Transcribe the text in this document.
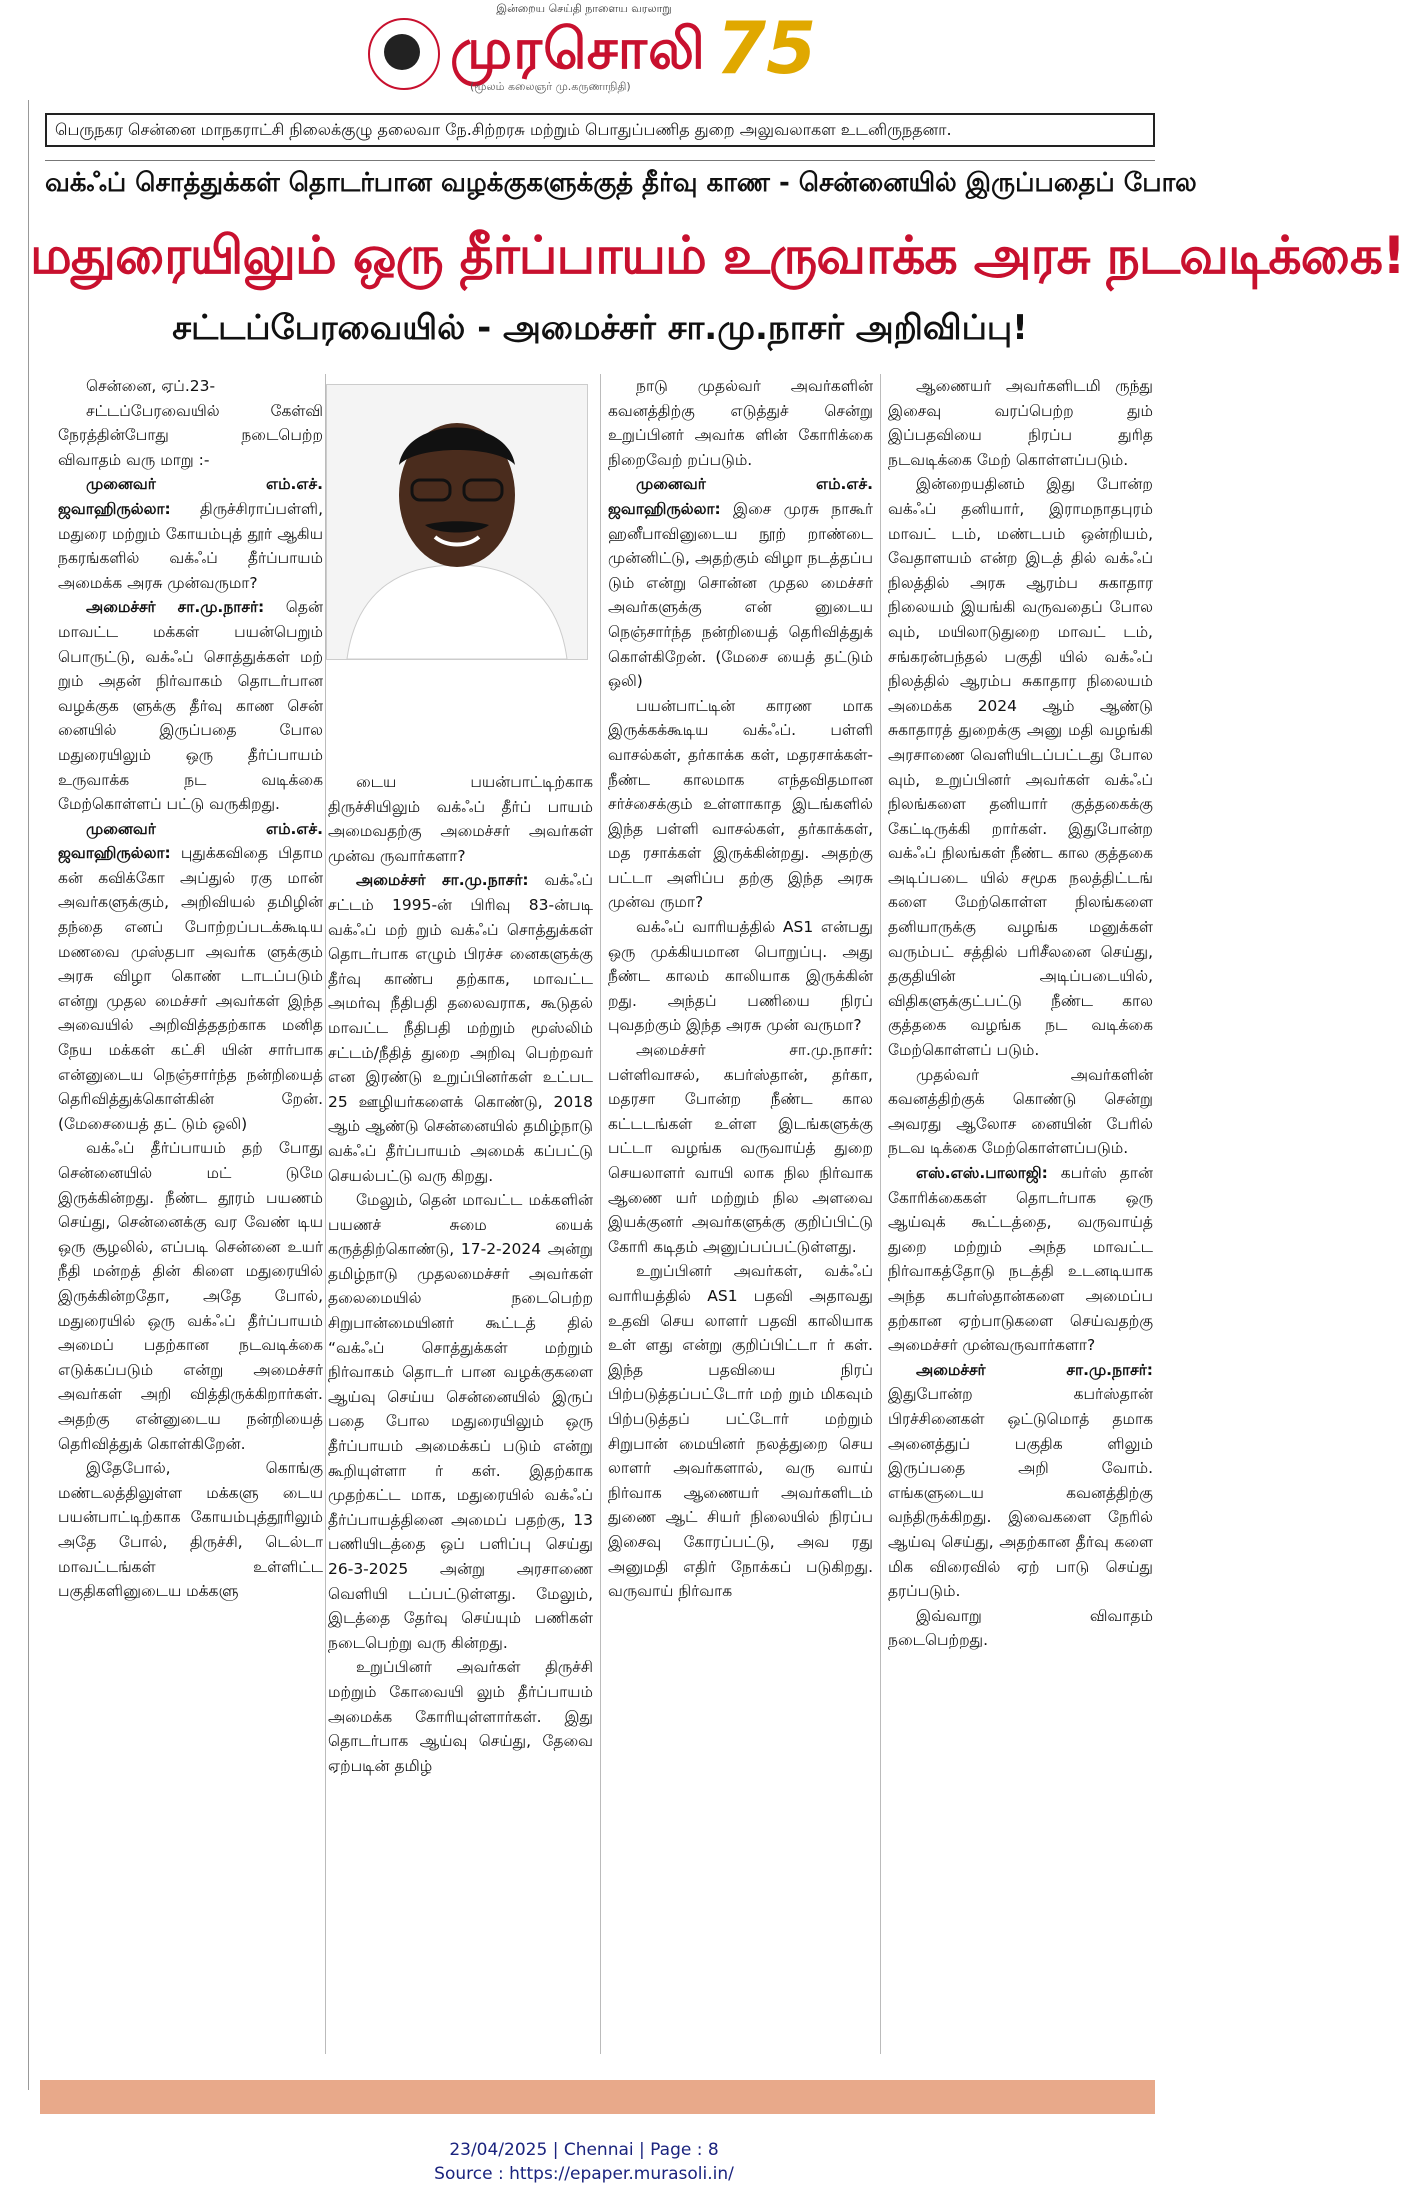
இன்றைய செய்தி நாளைய வரலாறு
முரசொலி 75
(மூலம் கலைஞர் மு.கருணாநிதி)
பெருநகர சென்னை மாநகராட்சி நிலைக்குழு தலைவா நே.சிற்றரசு மற்றும் பொதுப்பணித துறை அலுவலாகள உடனிருநதனா.
வக்ஃப் சொத்துக்கள் தொடர்பான வழக்குகளுக்குத் தீர்வு காண - சென்னையில் இருப்பதைப் போல
மதுரையிலும் ஒரு தீர்ப்பாயம் உருவாக்க அரசு நடவடிக்கை!
சட்டப்பேரவையில் - அமைச்சர் சா.மு.நாசர் அறிவிப்பு!

சென்னை, ஏப்.23-

சட்டப்பேரவையில் கேள்வி நேரத்தின்போது நடைபெற்ற விவாதம் வரு மாறு :-

முனைவர் எம்.எச். ஜவாஹிருல்லா: திருச்சிராப்பள்ளி, மதுரை மற்றும் கோயம்புத் தூர் ஆகிய நகரங்களில் வக்ஃப் தீர்ப்பாயம் அமைக்க அரசு முன்வருமா?

அமைச்சர் சா.மு.நாசர்: தென் மாவட்ட மக்கள் பயன்பெறும் பொருட்டு, வக்ஃப் சொத்துக்கள் மற் றும் அதன் நிர்வாகம் தொடர்பான வழக்குக ளுக்கு தீர்வு காண சென் னையில் இருப்பதை போல மதுரையிலும் ஒரு தீர்ப்பாயம் உருவாக்க நட வடிக்கை மேற்கொள்ளப் பட்டு வருகிறது.

முனைவர் எம்.எச். ஜவாஹிருல்லா: புதுக்கவிதை பிதாம கன் கவிக்கோ அப்துல் ரகு மான் அவர்களுக்கும், அறிவியல் தமிழின் தந்தை எனப் போற்றப்படக்கூடிய மணவை முஸ்தபா அவர்க ளுக்கும் அரசு விழா கொண் டாடப்படும் என்று முதல மைச்சர் அவர்கள் இந்த அவையில் அறிவித்ததற்காக மனித நேய மக்கள் கட்சி யின் சார்பாக என்னுடைய நெஞ்சார்ந்த நன்றியைத் தெரிவித்துக்கொள்கின் றேன். (மேசையைத் தட் டும் ஒலி)

வக்ஃப் தீர்ப்பாயம் தற் போது சென்னையில் மட் டுமே இருக்கின்றது. நீண்ட தூரம் பயணம் செய்து, சென்னைக்கு வர வேண் டிய ஒரு சூழலில், எப்படி சென்னை உயர் நீதி மன்றத் தின் கிளை மதுரையில் இருக்கின்றதோ, அதே போல், மதுரையில் ஒரு வக்ஃப் தீர்ப்பாயம் அமைப் பதற்கான நடவடிக்கை எடுக்கப்படும் என்று அமைச்சர் அவர்கள் அறி வித்திருக்கிறார்கள். அதற்கு என்னுடைய நன்றியைத் தெரிவித்துக் கொள்கிறேன்.

இதேபோல், கொங்கு மண்டலத்திலுள்ள மக்களு டைய பயன்பாட்டிற்காக கோயம்புத்தூரிலும் அதே போல், திருச்சி, டெல்டா மாவட்டங்கள் உள்ளிட்ட பகுதிகளினுடைய மக்களு

டைய பயன்பாட்டிற்காக திருச்சியிலும் வக்ஃப் தீர்ப் பாயம் அமைவதற்கு அமைச்சர் அவர்கள் முன்வ ருவார்களா?

அமைச்சர் சா.மு.நாசர்: வக்ஃப் சட்டம் 1995-ன் பிரிவு 83-ன்படி வக்ஃப் மற் றும் வக்ஃப் சொத்துக்கள் தொடர்பாக எழும் பிரச்ச னைகளுக்கு தீர்வு காண்ப தற்காக, மாவட்ட அமர்வு நீதிபதி தலைவராக, கூடுதல் மாவட்ட நீதிபதி மற்றும் மூஸ்லிம் சட்டம்/நீதித் துறை அறிவு பெற்றவர் என இரண்டு உறுப்பினர்கள் உட்பட 25 ஊழியர்களைக் கொண்டு, 2018 ஆம் ஆண்டு சென்னையில் தமிழ்நாடு வக்ஃப் தீர்ப்பாயம் அமைக் கப்பட்டு செயல்பட்டு வரு கிறது.

மேலும், தென் மாவட்ட மக்களின் பயணச் சுமை யைக் கருத்திற்கொண்டு, 17-2-2024 அன்று தமிழ்நாடு முதலமைச்சர் அவர்கள் தலைமையில் நடைபெற்ற சிறுபான்மையினர் கூட்டத் தில் “வக்ஃப் சொத்துக்கள் மற்றும் நிர்வாகம் தொடர் பான வழக்குகளை ஆய்வு செய்ய சென்னையில் இருப் பதை போல மதுரையிலும் ஒரு தீர்ப்பாயம் அமைக்கப் படும் என்று கூறியுள்ளா ர் கள். இதற்காக முதற்கட்ட மாக, மதுரையில் வக்ஃப் தீர்ப்பாயத்தினை அமைப் பதற்கு, 13 பணியிடத்தை ஒப் பளிப்பு செய்து 26-3-2025 அன்று அரசாணை வெளியி டப்பட்டுள்ளது. மேலும், இடத்தை தேர்வு செய்யும் பணிகள் நடைபெற்று வரு கின்றது.

உறுப்பினர் அவர்கள் திருச்சி மற்றும் கோவையி லும் தீர்ப்பாயம் அமைக்க கோரியுள்ளார்கள். இது தொடர்பாக ஆய்வு செய்து, தேவை ஏற்படின் தமிழ்

நாடு முதல்வர் அவர்களின் கவனத்திற்கு எடுத்துச் சென்று உறுப்பினர் அவர்க ளின் கோரிக்கை நிறைவேற் றப்படும்.

முனைவர் எம்.எச். ஜவாஹிருல்லா: இசை முரசு நாகூர் ஹனீபாவினுடைய நூற் றாண்டை முன்னிட்டு, அதற்கும் விழா நடத்தப்ப டும் என்று சொன்ன முதல மைச்சர் அவர்களுக்கு என் னுடைய நெஞ்சார்ந்த நன்றியைத் தெரிவித்துக் கொள்கிறேன். (மேசை யைத் தட்டும் ஒலி)

பயன்பாட்டின் காரண மாக இருக்கக்கூடிய வக்ஃப். பள்ளி வாசல்கள், தர்காக்க கள், மதரசாக்கள்-நீண்ட காலமாக எந்தவிதமான சர்ச்சைக்கும் உள்ளாகாத இடங்களில் இந்த பள்ளி வாசல்கள், தர்காக்கள், மத ரசாக்கள் இருக்கின்றது. அதற்கு பட்டா அளிப்ப தற்கு இந்த அரசு முன்வ ருமா?

வக்ஃப் வாரியத்தில் AS1 என்பது ஒரு முக்கியமான பொறுப்பு. அது நீண்ட காலம் காலியாக இருக்கின் றது. அந்தப் பணியை நிரப் புவதற்கும் இந்த அரசு முன் வருமா?

அமைச்சர் சா.மு.நாசர்: பள்ளிவாசல், கபர்ஸ்தான், தர்கா, மதரசா போன்ற நீண்ட கால கட்டடங்கள் உள்ள இடங்களுக்கு பட்டா வழங்க வருவாய்த் துறை செயலாளர் வாயி லாக நில நிர்வாக ஆணை யர் மற்றும் நில அளவை இயக்குனர் அவர்களுக்கு குறிப்பிட்டு கோரி கடிதம் அனுப்பப்பட்டுள்ளது.

உறுப்பினர் அவர்கள், வக்ஃப் வாரியத்தில் AS1 பதவி அதாவது உதவி செய லாளர் பதவி காலியாக உள் ளது என்று குறிப்பிட்டா ர் கள். இந்த பதவியை நிரப் பிற்படுத்தப்பட்டோர் மற் றும் மிகவும் பிற்படுத்தப் பட்டோர் மற்றும் சிறுபான் மையினர் நலத்துறை செய லாளர் அவர்களால், வரு வாய் நிர்வாக ஆணையர் அவர்களிடம் துணை ஆட் சியர் நிலையில் நிரப்ப இசைவு கோரப்பட்டு, அவ ரது அனுமதி எதிர் நோக்கப் படுகிறது. வருவாய் நிர்வாக

ஆணையர் அவர்களிடமி ருந்து இசைவு வரப்பெற்ற தும் இப்பதவியை நிரப்ப துரித நடவடிக்கை மேற் கொள்ளப்படும்.

இன்றையதினம் இது போன்ற வக்ஃப் தனியார், இராமநாதபுரம் மாவட் டம், மண்டபம் ஒன்றியம், வேதாளயம் என்ற இடத் தில் வக்ஃப் நிலத்தில் அரசு ஆரம்ப சுகாதார நிலையம் இயங்கி வருவதைப் போல வும், மயிலாடுதுறை மாவட் டம், சங்கரன்பந்தல் பகுதி யில் வக்ஃப் நிலத்தில் ஆரம்ப சுகாதார நிலையம் அமைக்க 2024 ஆம் ஆண்டு சுகாதாரத் துறைக்கு அனு மதி வழங்கி அரசாணை வெளியிடப்பட்டது போல வும், உறுப்பினர் அவர்கள் வக்ஃப் நிலங்களை தனியார் குத்தகைக்கு கேட்டிருக்கி றார்கள். இதுபோன்ற வக்ஃப் நிலங்கள் நீண்ட கால குத்தகை அடிப்படை யில் சமூக நலத்திட்டங் களை மேற்கொள்ள நிலங்களை தனியாருக்கு வழங்க மனுக்கள் வரும்பட் சத்தில் பரிசீலனை செய்து, தகுதியின் அடிப்படையில், விதிகளுக்குட்பட்டு நீண்ட கால குத்தகை வழங்க நட வடிக்கை மேற்கொள்ளப் படும்.

முதல்வர் அவர்களின் கவனத்திற்குக் கொண்டு சென்று அவரது ஆலோச னையின் பேரில் நடவ டிக்கை மேற்கொள்ளப்படும்.

எஸ்.எஸ்.பாலாஜி: கபர்ஸ் தான் கோரிக்கைகள் தொடர்பாக ஒரு ஆய்வுக் கூட்டத்தை, வருவாய்த் துறை மற்றும் அந்த மாவட்ட நிர்வாகத்தோடு நடத்தி உடனடியாக அந்த கபர்ஸ்தான்களை அமைப்ப தற்கான ஏற்பாடுகளை செய்வதற்கு அமைச்சர் முன்வருவார்களா?

அமைச்சர் சா.மு.நாசர்: இதுபோன்ற கபர்ஸ்தான் பிரச்சினைகள் ஒட்டுமொத் தமாக அனைத்துப் பகுதிக ளிலும் இருப்பதை அறி வோம். எங்களுடைய கவனத்திற்கு வந்திருக்கிறது. இவைகளை நேரில் ஆய்வு செய்து, அதற்கான தீர்வு களை மிக விரைவில் ஏற் பாடு செய்து தரப்படும்.

இவ்வாறு விவாதம் நடைபெற்றது.

23/04/2025 | Chennai | Page : 8
Source : https://epaper.murasoli.in/
